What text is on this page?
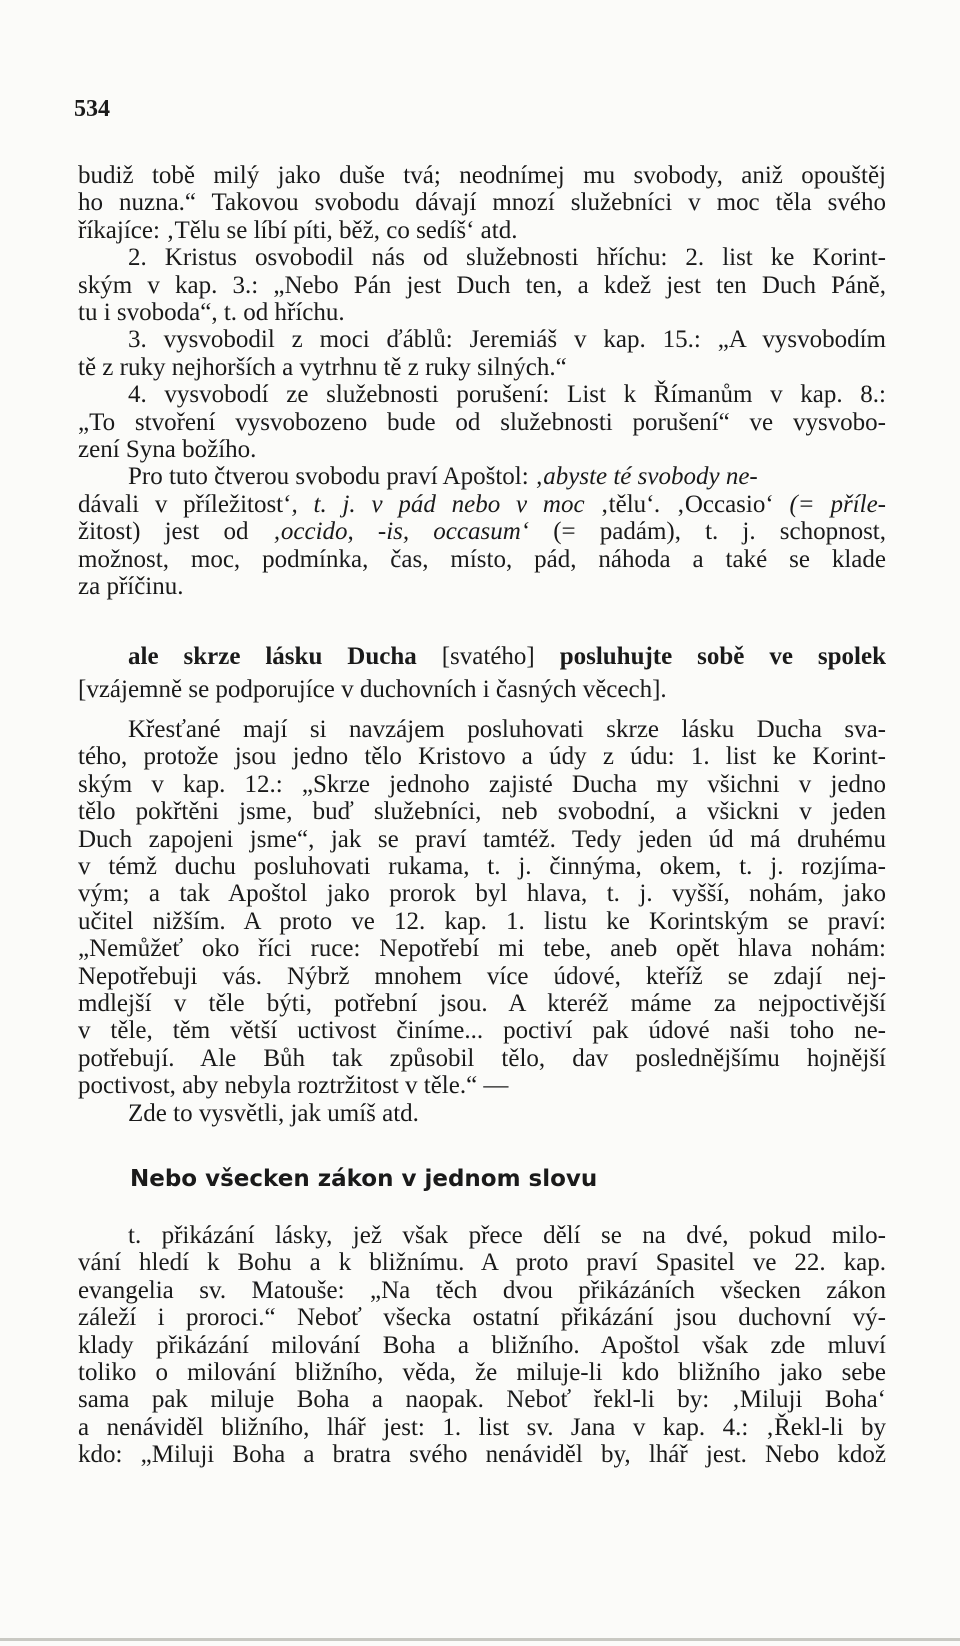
534
budiž tobě milý jako duše tvá; neodnímej mu svobody, aniž opouštěj
ho nuzna.“ Takovou svobodu dávají mnozí služebníci v moc těla svého
říkajíce: ‚Tělu se líbí píti, běž, co sedíš‘ atd.
2. Kristus osvobodil nás od služebnosti hříchu: 2. list ke Korint-
ským v kap. 3.: „Nebo Pán jest Duch ten, a kdež jest ten Duch Páně,
tu i svoboda“, t. od hříchu.
3. vysvobodil z moci ďáblů: Jeremiáš v kap. 15.: „A vysvobodím
tě z ruky nejhorších a vytrhnu tě z ruky silných.“
4. vysvobodí ze služebnosti porušení: List k Římanům v kap. 8.:
„To stvoření vysvobozeno bude od služebnosti porušení“ ve vysvobo-
zení Syna božího.
Pro tuto čtverou svobodu praví Apoštol: ‚abyste té svobody ne-
dávali v příležitost‘, t. j. v pád nebo v moc ‚tělu‘. ‚Occasio‘ (= příle-
žitost) jest od ‚occido, -is, occasum‘ (= padám), t. j. schopnost,
možnost, moc, podmínka, čas, místo, pád, náhoda a také se klade
za příčinu.
ale skrze lásku Ducha [svatého] posluhujte sobě ve spolek
[vzájemně se podporujíce v duchovních i časných věcech].
Křesťané mají si navzájem posluhovati skrze lásku Ducha sva-
tého, protože jsou jedno tělo Kristovo a údy z údu: 1. list ke Korint-
ským v kap. 12.: „Skrze jednoho zajisté Ducha my všichni v jedno
tělo pokřtěni jsme, buď služebníci, neb svobodní, a všickni v jeden
Duch zapojeni jsme“, jak se praví tamtéž. Tedy jeden úd má druhému
v témž duchu posluhovati rukama, t. j. činnýma, okem, t. j. rozjíma-
vým; a tak Apoštol jako prorok byl hlava, t. j. vyšší, nohám, jako
učitel nižším. A proto ve 12. kap. 1. listu ke Korintským se praví:
„Nemůžeť oko říci ruce: Nepotřebí mi tebe, aneb opět hlava nohám:
Nepotřebuji vás. Nýbrž mnohem více údové, kteříž se zdají nej-
mdlejší v těle býti, potřební jsou. A kteréž máme za nejpoctivější
v těle, těm větší uctivost činíme... poctiví pak údové naši toho ne-
potřebují. Ale Bůh tak způsobil tělo, dav poslednějšímu hojnější
poctivost, aby nebyla roztržitost v těle.“ —
Zde to vysvětli, jak umíš atd.
Nebo všecken zákon v jednom slovu
t. přikázání lásky, jež však přece dělí se na dvé, pokud milo-
vání hledí k Bohu a k bližnímu. A proto praví Spasitel ve 22. kap.
evangelia sv. Matouše: „Na těch dvou přikázáních všecken zákon
záleží i proroci.“ Neboť všecka ostatní přikázání jsou duchovní vý-
klady přikázání milování Boha a bližního. Apoštol však zde mluví
toliko o milování bližního, věda, že miluje-li kdo bližního jako sebe
sama pak miluje Boha a naopak. Neboť řekl-li by: ‚Miluji Boha‘
a nenáviděl bližního, lhář jest: 1. list sv. Jana v kap. 4.: ‚Řekl-li by
kdo: „Miluji Boha a bratra svého nenáviděl by, lhář jest. Nebo kdož
